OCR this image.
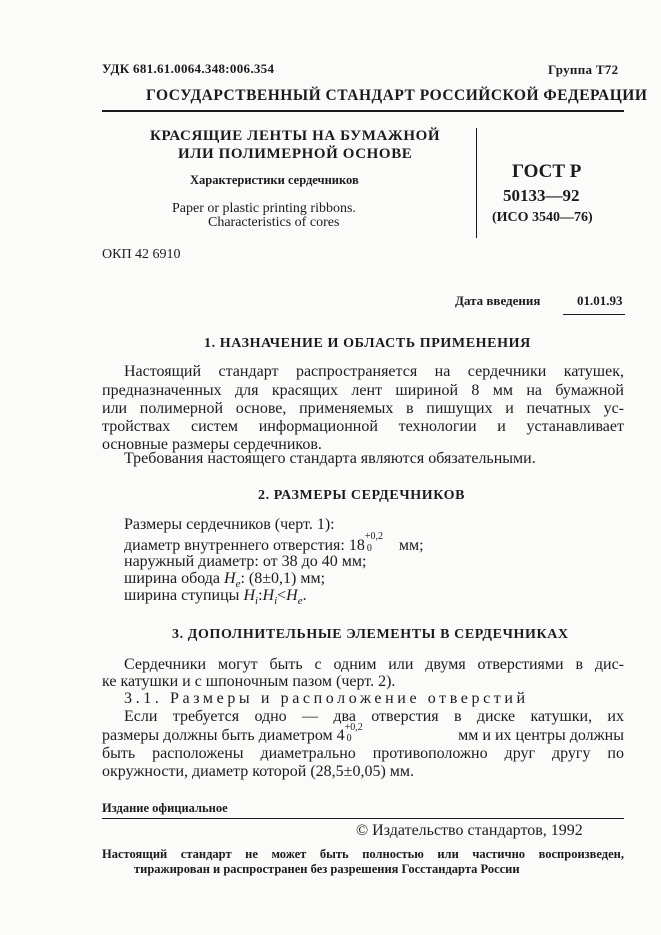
УДК 681.61.0064.348:006.354	Группа Т72
ГОСУДАРСТВЕННЫЙ СТАНДАРТ РОССИЙСКОЙ ФЕДЕРАЦИИ
КРАСЯЩИЕ ЛЕНТЫ НА БУМАЖНОЙ
ИЛИ ПОЛИМЕРНОЙ ОСНОВЕ
Характеристики сердечников
Paper or plastic printing ribbons.
Characteristics of cores
ГОСТ Р
50133—92
(ИСО 3540—76)
ОКП 42 6910
Дата введения	01.01.93
1. НАЗНАЧЕНИЕ И ОБЛАСТЬ ПРИМЕНЕНИЯ
Настоящий стандарт распространяется на сердечники катушек,
предназначенных для красящих лент шириной 8 мм на бумажной
или полимерной основе, применяемых в пишущих и печатных ус-
тройствах систем информационной технологии и устанавливает
основные размеры сердечников.
Требования настоящего стандарта являются обязательными.
2. РАЗМЕРЫ СЕРДЕЧНИКОВ
Размеры сердечников (черт. 1):
диаметр внутреннего отверстия: 18
+0,2
0 мм;
наружный диаметр: от 38 до 40 мм;
ширина обода $H_e$: (8±0,1) мм;
ширина ступицы $H_i:H_i<H_e$.
3. ДОПОЛНИТЕЛЬНЫЕ ЭЛЕМЕНТЫ В СЕРДЕЧНИКАХ
Сердечники могут быть с одним или двумя отверстиями в дис-
ке катушки и с шпоночным пазом (черт. 2).
3.1. Размеры и расположение отверстий
Если требуется одно — два отверстия в диске катушки, их
размеры должны быть диаметром 4 +0,2
0	мм и их центры должны
быть расположены диаметрально противоположно друг другу по
окружности, диаметр которой (28,5±0,05) мм.
Издание официальное
© Издательство стандартов, 1992
Настоящий стандарт не может быть полностью или частично воспроизведен,
тиражирован и распространен без разрешения Госстандарта России
